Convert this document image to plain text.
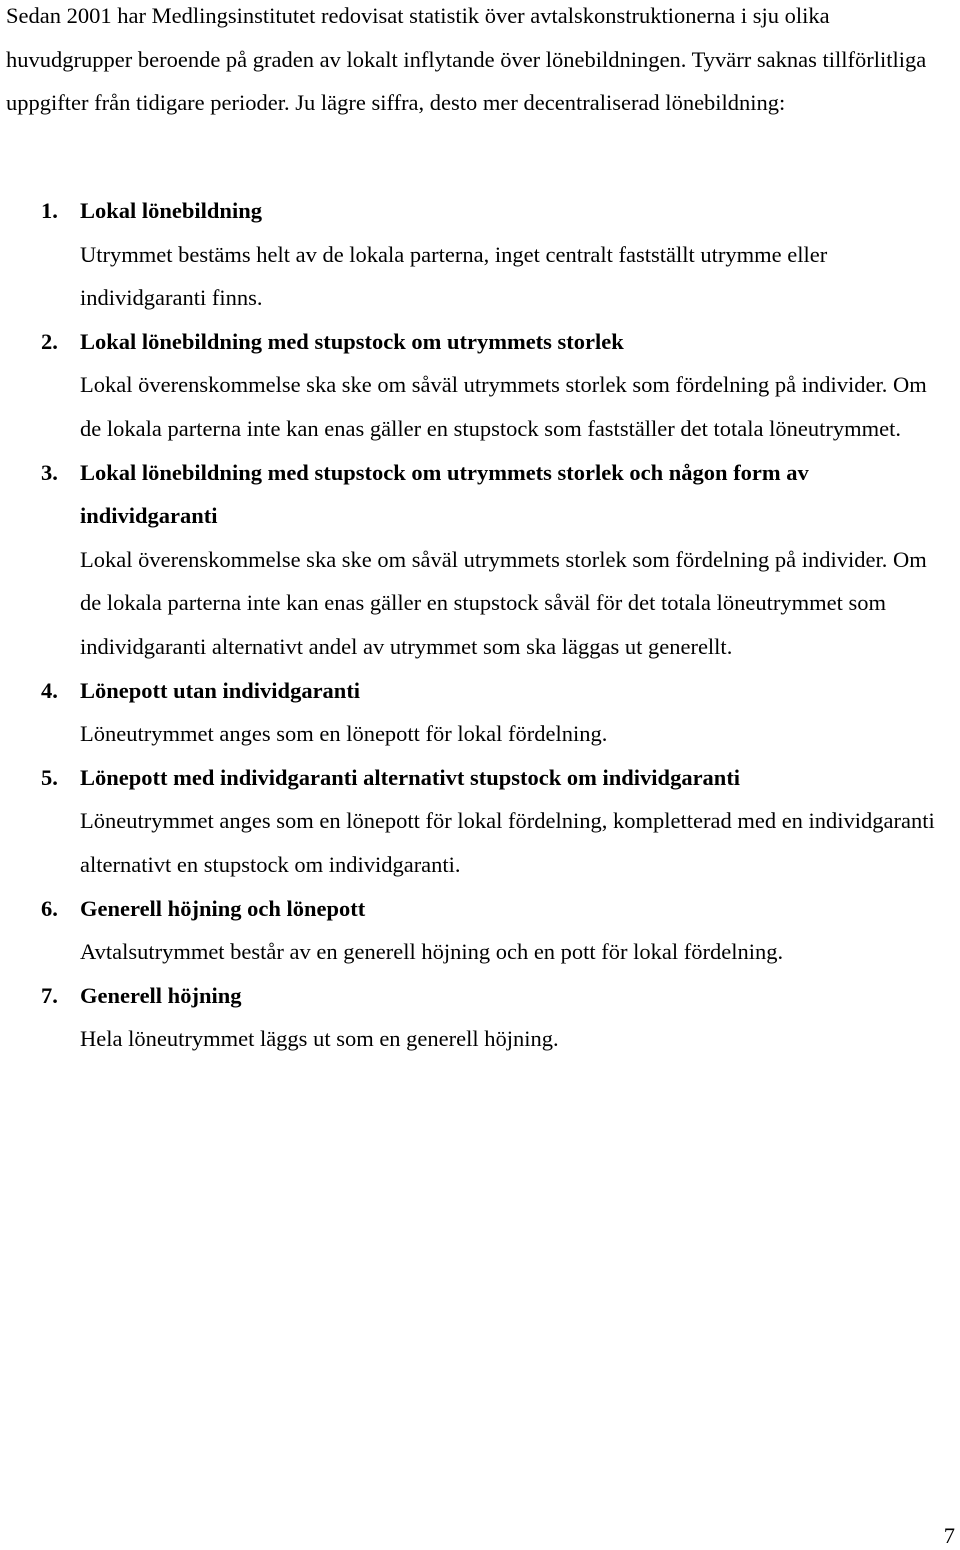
Sedan 2001 har Medlingsinstitutet redovisat statistik över avtalskonstruktionerna i sju olika huvudgrupper beroende på graden av lokalt inflytande över lönebildningen. Tyvärr saknas tillförlitliga uppgifter från tidigare perioder. Ju lägre siffra, desto mer decentraliserad lönebildning:

1. Lokal lönebildning

Utrymmet bestäms helt av de lokala parterna, inget centralt fastställt utrymme eller individgaranti finns.

2. Lokal lönebildning med stupstock om utrymmets storlek

Lokal överenskommelse ska ske om såväl utrymmets storlek som fördelning på individer. Om de lokala parterna inte kan enas gäller en stupstock som fastställer det totala löneutrymmet.

3. Lokal lönebildning med stupstock om utrymmets storlek och någon form av individgaranti

Lokal överenskommelse ska ske om såväl utrymmets storlek som fördelning på individer. Om de lokala parterna inte kan enas gäller en stupstock såväl för det totala löneutrymmet som individgaranti alternativt andel av utrymmet som ska läggas ut generellt.

4. Lönepott utan individgaranti

Löneutrymmet anges som en lönepott för lokal fördelning.

5. Lönepott med individgaranti alternativt stupstock om individgaranti

Löneutrymmet anges som en lönepott för lokal fördelning, kompletterad med en individgaranti alternativt en stupstock om individgaranti.

6. Generell höjning och lönepott

Avtalsutrymmet består av en generell höjning och en pott för lokal fördelning.

7. Generell höjning

Hela löneutrymmet läggs ut som en generell höjning.

7
